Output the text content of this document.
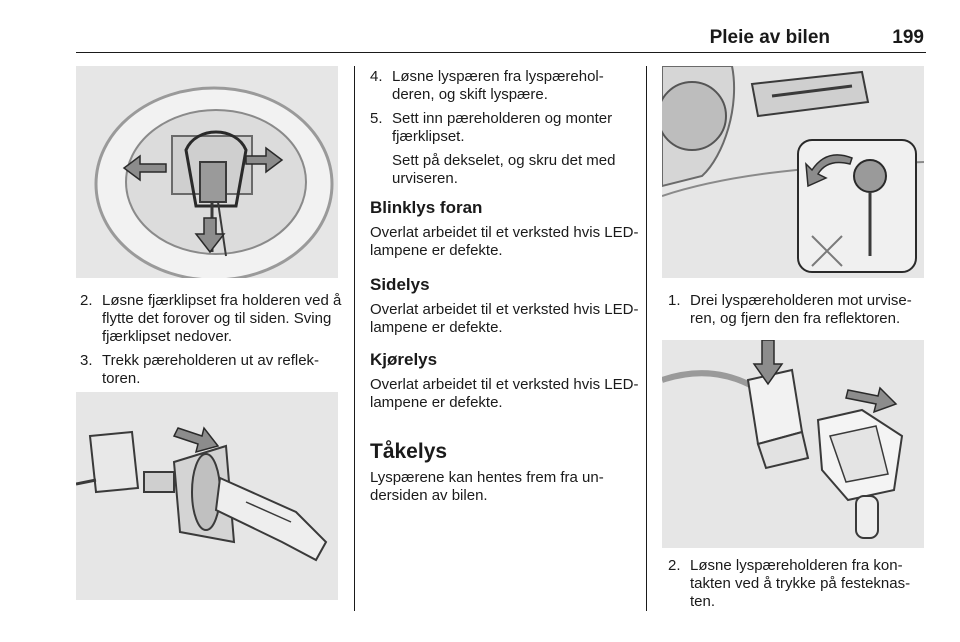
Pleie av bilen	199
2. Løsne fjærklipset fra holderen ved å flytte det forover og til siden. Sving fjærklipset nedover.
3. Trekk pæreholderen ut av reflek-toren.
4. Løsne lyspæren fra lyspærehol-deren, og skift lyspære.
5. Sett inn pæreholderen og monter fjærklipset.
Sett på dekselet, og skru det med urviseren.
Blinklys foran

Overlat arbeidet til et verksted hvis LED-lampene er defekte.

Sidelys

Overlat arbeidet til et verksted hvis LED-lampene er defekte.

Kjørelys

Overlat arbeidet til et verksted hvis LED-lampene er defekte.

Tåkelys

Lyspærene kan hentes frem fra un-dersiden av bilen.

1. Drei lyspæreholderen mot urvise-ren, og fjern den fra reflektoren.
2. Løsne lyspæreholderen fra kon-takten ved å trykke på festeknas-ten.
